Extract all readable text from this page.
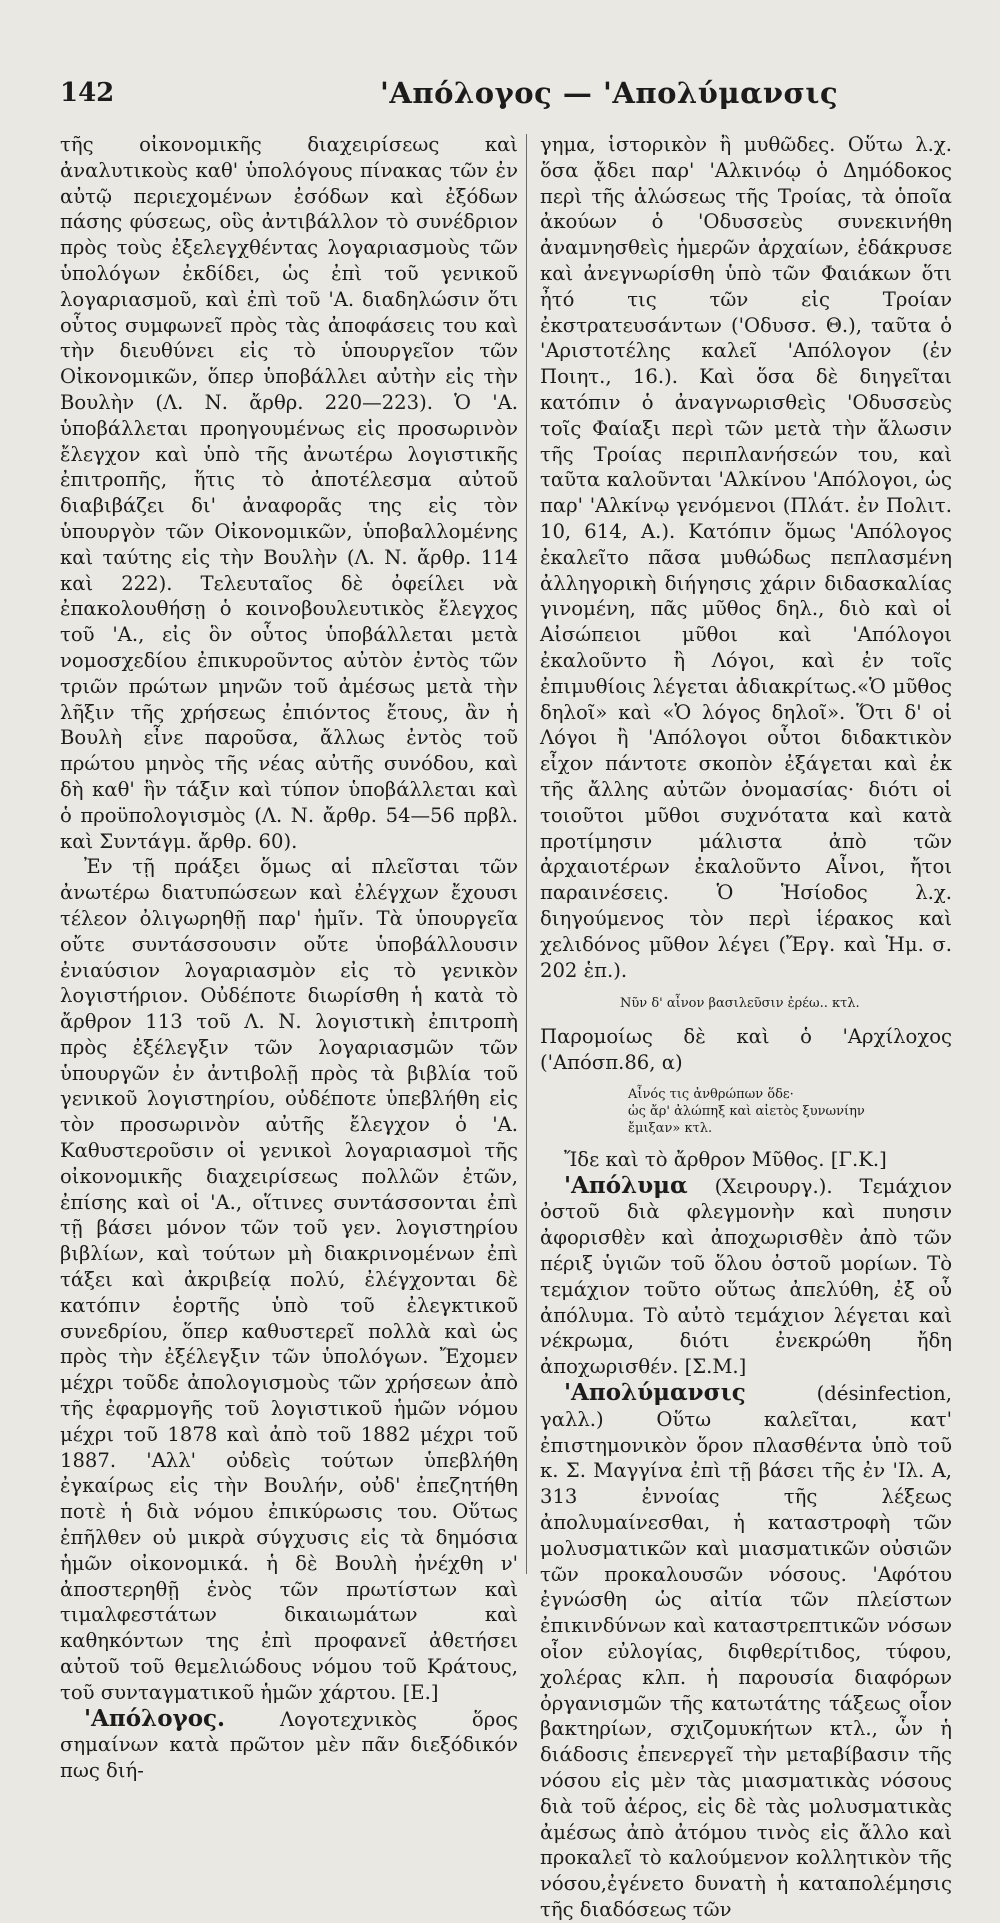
142	'Απόλογος — 'Απολύμανσις

τῆς οἰκονομικῆς διαχειρίσεως καὶ ἀναλυτικοὺς καθ' ὑπολόγους πίνακας τῶν ἐν αὐτῷ περιεχομένων ἐσόδων καὶ ἐξόδων πάσης φύσεως, οὓς ἀντιβάλλον τὸ συνέδριον πρὸς τοὺς ἐξελεγχθέντας λογαριασμοὺς τῶν ὑπολόγων ἐκδίδει, ὡς ἐπὶ τοῦ γενικοῦ λογαριασμοῦ, καὶ ἐπὶ τοῦ 'Α. διαδηλώσιν ὅτι οὗτος συμφωνεῖ πρὸς τὰς ἀποφάσεις του καὶ τὴν διευθύνει εἰς τὸ ὑπουργεῖον τῶν Οἰκονομικῶν, ὅπερ ὑποβάλλει αὐτὴν εἰς τὴν Βουλὴν (Λ. Ν. ἄρθρ. 220—223). Ὁ 'Α. ὑποβάλλεται προηγουμένως εἰς προσωρινὸν ἔλεγχον καὶ ὑπὸ τῆς ἀνωτέρω λογιστικῆς ἐπιτροπῆς, ἥτις τὸ ἀποτέλεσμα αὐτοῦ διαβιβάζει δι' ἀναφορᾶς της εἰς τὸν ὑπουργὸν τῶν Οἰκονομικῶν, ὑποβαλλομένης καὶ ταύτης εἰς τὴν Βουλὴν (Λ. Ν. ἄρθρ. 114 καὶ 222). Τελευταῖος δὲ ὀφείλει νὰ ἐπακολουθήσῃ ὁ κοινοβουλευτικὸς ἔλεγχος τοῦ 'Α., εἰς ὃν οὗτος ὑποβάλλεται μετὰ νομοσχεδίου ἐπικυροῦντος αὐτὸν ἐντὸς τῶν τριῶν πρώτων μηνῶν τοῦ ἀμέσως μετὰ τὴν λῆξιν τῆς χρήσεως ἐπιόντος ἔτους, ἂν ἡ Βουλὴ εἶνε παροῦσα, ἄλλως ἐντὸς τοῦ πρώτου μηνὸς τῆς νέας αὐτῆς συνόδου, καὶ δὴ καθ' ἣν τάξιν καὶ τύπον ὑποβάλλεται καὶ ὁ προϋπολογισμὸς (Λ. Ν. ἄρθρ. 54—56 πρβλ. καὶ Συντάγμ. ἄρθρ. 60).

Ἐν τῇ πράξει ὅμως αἱ πλεῖσται τῶν ἀνωτέρω διατυπώσεων καὶ ἐλέγχων ἔχουσι τέλεον ὀλιγωρηθῇ παρ' ἡμῖν. Τὰ ὑπουργεῖα οὔτε συντάσσουσιν οὔτε ὑποβάλλουσιν ἐνιαύσιον λογαριασμὸν εἰς τὸ γενικὸν λογιστήριον. Οὐδέποτε διωρίσθη ἡ κατὰ τὸ ἄρθρον 113 τοῦ Λ. Ν. λογιστικὴ ἐπιτροπὴ πρὸς ἐξέλεγξιν τῶν λογαριασμῶν τῶν ὑπουργῶν ἐν ἀντιβολῇ πρὸς τὰ βιβλία τοῦ γενικοῦ λογιστηρίου, οὐδέποτε ὑπεβλήθη εἰς τὸν προσωρινὸν αὐτῆς ἔλεγχον ὁ 'Α. Καθυστεροῦσιν οἱ γενικοὶ λογαριασμοὶ τῆς οἰκονομικῆς διαχειρίσεως πολλῶν ἐτῶν, ἐπίσης καὶ οἱ 'Α., οἵτινες συντάσσονται ἐπὶ τῇ βάσει μόνον τῶν τοῦ γεν. λογιστηρίου βιβλίων, καὶ τούτων μὴ διακρινομένων ἐπὶ τάξει καὶ ἀκριβείᾳ πολύ, ἐλέγχονται δὲ κατόπιν ἑορτῆς ὑπὸ τοῦ ἐλεγκτικοῦ συνεδρίου, ὅπερ καθυστερεῖ πολλὰ καὶ ὡς πρὸς τὴν ἐξέλεγξιν τῶν ὑπολόγων. Ἔχομεν μέχρι τοῦδε ἀπολογισμοὺς τῶν χρήσεων ἀπὸ τῆς ἐφαρμογῆς τοῦ λογιστικοῦ ἡμῶν νόμου μέχρι τοῦ 1878 καὶ ἀπὸ τοῦ 1882 μέχρι τοῦ 1887. 'Αλλ' οὐδεὶς τούτων ὑπεβλήθη ἐγκαίρως εἰς τὴν Βουλήν, οὐδ' ἐπεζητήθη ποτὲ ἡ διὰ νόμου ἐπικύρωσις του. Οὕτως ἐπῆλθεν οὐ μικρὰ σύγχυσις εἰς τὰ δημόσια ἡμῶν οἰκονομικά. ἡ δὲ Βουλὴ ἠνέχθη ν' ἀποστερηθῇ ἑνὸς τῶν πρωτίστων καὶ τιμαλφεστάτων δικαιωμάτων καὶ καθηκόντων της ἐπὶ προφανεῖ ἀθετήσει αὐτοῦ τοῦ θεμελιώδους νόμου τοῦ Κράτους, τοῦ συνταγματικοῦ ἡμῶν χάρτου. [Ε.]

'Απόλογος.	Λογοτεχνικὸς ὅρος σημαίνων κατὰ πρῶτον μὲν πᾶν διεξόδικόν πως διή-

γημα, ἱστορικὸν ἢ μυθῶδες. Οὕτω λ.χ. ὅσα ᾄδει παρ' 'Αλκινόῳ ὁ Δημόδοκος περὶ τῆς ἁλώσεως τῆς Τροίας, τὰ ὁποῖα ἀκούων ὁ 'Οδυσσεὺς συνεκινήθη ἀναμνησθεὶς ἡμερῶν ἀρχαίων, ἐδάκρυσε καὶ ἀνεγνωρίσθη ὑπὸ τῶν Φαιάκων ὅτι ἦτό τις τῶν εἰς Τροίαν ἐκστρατευσάντων ('Οδυσσ. Θ.), ταῦτα ὁ 'Αριστοτέλης καλεῖ 'Απόλογον (ἐν Ποιητ., 16.). Καὶ ὅσα δὲ διηγεῖται κατόπιν ὁ ἀναγνωρισθεὶς 'Οδυσσεὺς τοῖς Φαίαξι περὶ τῶν μετὰ τὴν ἅλωσιν τῆς Τροίας περιπλανήσεών του, καὶ ταῦτα καλοῦνται 'Αλκίνου 'Απόλογοι, ὡς παρ' 'Αλκίνῳ γενόμενοι (Πλάτ. ἐν Πολιτ. 10, 614, Α.). Κατόπιν ὅμως 'Απόλογος ἐκαλεῖτο πᾶσα μυθώδως πεπλασμένη ἀλληγορικὴ διήγησις χάριν διδασκαλίας γινομένη, πᾶς μῦθος δηλ., διὸ καὶ οἱ Αἰσώπειοι μῦθοι καὶ 'Απόλογοι ἐκαλοῦντο ἢ Λόγοι, καὶ ἐν τοῖς ἐπιμυθίοις λέγεται ἀδιακρίτως.«Ὁ μῦθος δηλοῖ» καὶ «Ὁ λόγος δηλοῖ». Ὅτι δ' οἱ Λόγοι ἢ 'Απόλογοι οὗτοι διδακτικὸν εἶχον πάντοτε σκοπὸν ἐξάγεται καὶ ἐκ τῆς ἄλλης αὐτῶν ὀνομασίας· διότι οἱ τοιοῦτοι μῦθοι συχνότατα καὶ κατὰ προτίμησιν μάλιστα ἀπὸ τῶν ἀρχαιοτέρων ἐκαλοῦντο Αἶνοι, ἤτοι παραινέσεις. Ὁ Ἡσίοδος λ.χ. διηγούμενος τὸν περὶ ἱέρακος καὶ χελιδόνος μῦθον λέγει (Ἔργ. καὶ Ἡμ. σ. 202 ἑπ.).

Νῦν δ' αἶνον βασιλεῦσιν ἐρέω.. κτλ.

Παρομοίως δὲ καὶ ὁ 'Αρχίλοχος ('Απόσπ.86, α)

Αἶνός τις ἀνθρώπων ὅδε·
ὡς ἄρ' ἀλώπηξ καὶ αἰετὸς ξυνωνίην
ἔμιξαν» κτλ.

Ἴδε καὶ τὸ ἄρθρον Μῦθος. [Γ.Κ.]

'Απόλυμα (Χειρουργ.). Τεμάχιον ὀστοῦ διὰ φλεγμονὴν καὶ πυησιν ἀφορισθὲν καὶ ἀποχωρισθὲν ἀπὸ τῶν πέριξ ὑγιῶν τοῦ ὅλου ὀστοῦ μορίων. Τὸ τεμάχιον τοῦτο οὕτως ἀπελύθη, ἐξ οὗ ἀπόλυμα. Τὸ αὐτὸ τεμάχιον λέγεται καὶ νέκρωμα, διότι ἐνεκρώθη ἤδη ἀποχωρισθέν. [Σ.Μ.]

'Απολύμανσις	(désinfection, γαλλ.) Οὕτω καλεῖται, κατ' ἐπιστημονικὸν ὅρον πλασθέντα ὑπὸ τοῦ κ. Σ. Μαγγίνα ἐπὶ τῇ βάσει τῆς ἐν 'Ιλ. Α, 313 ἐννοίας τῆς λέξεως ἀπολυμαίνεσθαι, ἡ καταστροφὴ τῶν μολυσματικῶν καὶ μιασματικῶν οὐσιῶν τῶν προκαλουσῶν νόσους. 'Αφότου ἐγνώσθη ὡς αἰτία τῶν πλείστων ἐπικινδύνων καὶ καταστρεπτικῶν νόσων οἷον εὐλογίας, διφθερίτιδος, τύφου, χολέρας κλπ. ἡ παρουσία διαφόρων ὀργανισμῶν τῆς κατωτάτης τάξεως οἷον βακτηρίων, σχιζομυκήτων κτλ., ὧν ἡ διάδοσις ἐπενεργεῖ τὴν μεταβίβασιν τῆς νόσου εἰς μὲν τὰς μιασματικὰς νόσους διὰ τοῦ ἀέρος, εἰς δὲ τὰς μολυσματικὰς ἀμέσως ἀπὸ ἀτόμου τινὸς εἰς ἄλλο καὶ προκαλεῖ τὸ καλούμενον κολλητικὸν τῆς νόσου,ἐγένετο δυνατὴ ἡ καταπολέμησις τῆς διαδόσεως τῶν
